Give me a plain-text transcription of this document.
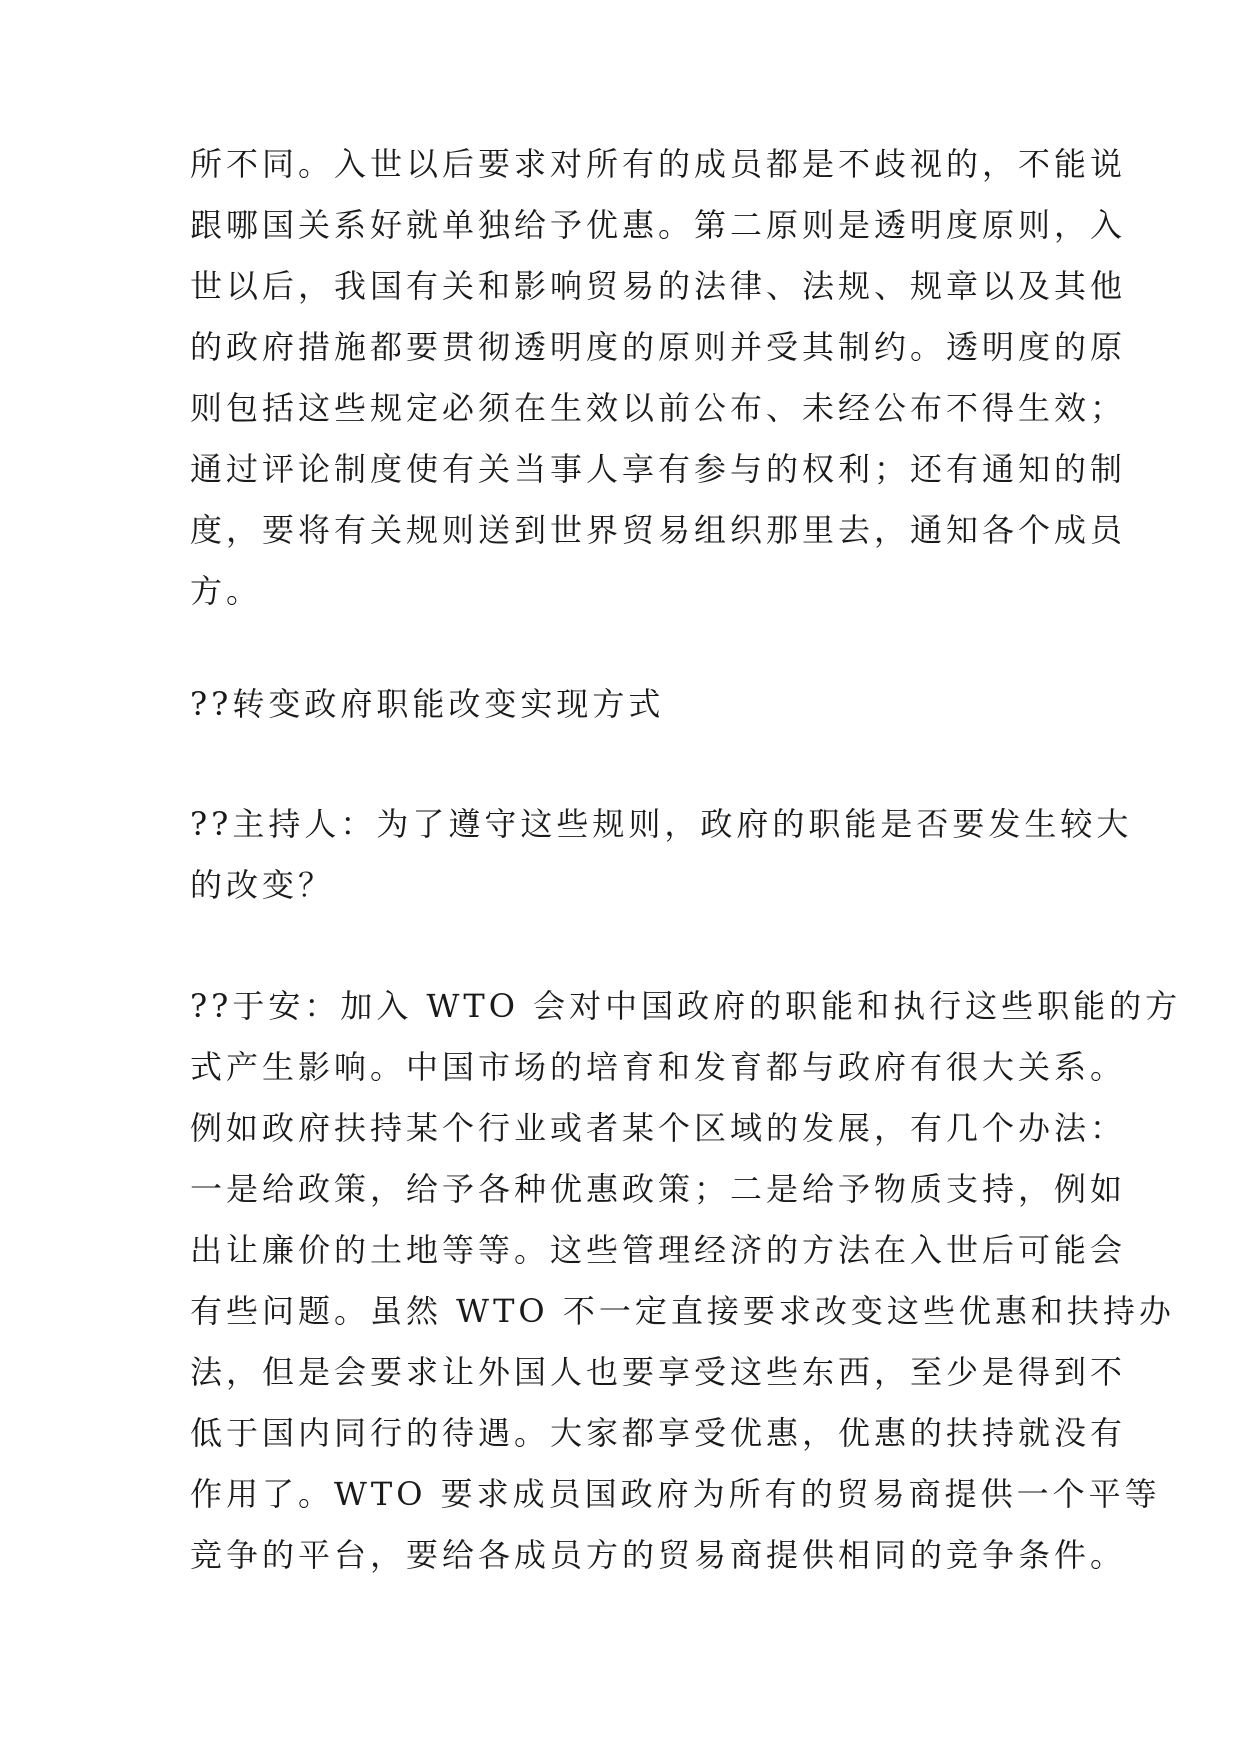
所不同。入世以后要求对所有的成员都是不歧视的，不能说
跟哪国关系好就单独给予优惠。第二原则是透明度原则，入
世以后，我国有关和影响贸易的法律、法规、规章以及其他
的政府措施都要贯彻透明度的原则并受其制约。透明度的原
则包括这些规定必须在生效以前公布、未经公布不得生效；
通过评论制度使有关当事人享有参与的权利；还有通知的制
度，要将有关规则送到世界贸易组织那里去，通知各个成员
方。
??转变政府职能改变实现方式
??主持人：为了遵守这些规则，政府的职能是否要发生较大
的改变？
??于安：加入 WTO 会对中国政府的职能和执行这些职能的方
式产生影响。中国市场的培育和发育都与政府有很大关系。
例如政府扶持某个行业或者某个区域的发展，有几个办法：
一是给政策，给予各种优惠政策；二是给予物质支持，例如
出让廉价的土地等等。这些管理经济的方法在入世后可能会
有些问题。虽然 WTO 不一定直接要求改变这些优惠和扶持办
法，但是会要求让外国人也要享受这些东西，至少是得到不
低于国内同行的待遇。大家都享受优惠，优惠的扶持就没有
作用了。WTO 要求成员国政府为所有的贸易商提供一个平等
竞争的平台，要给各成员方的贸易商提供相同的竞争条件。
